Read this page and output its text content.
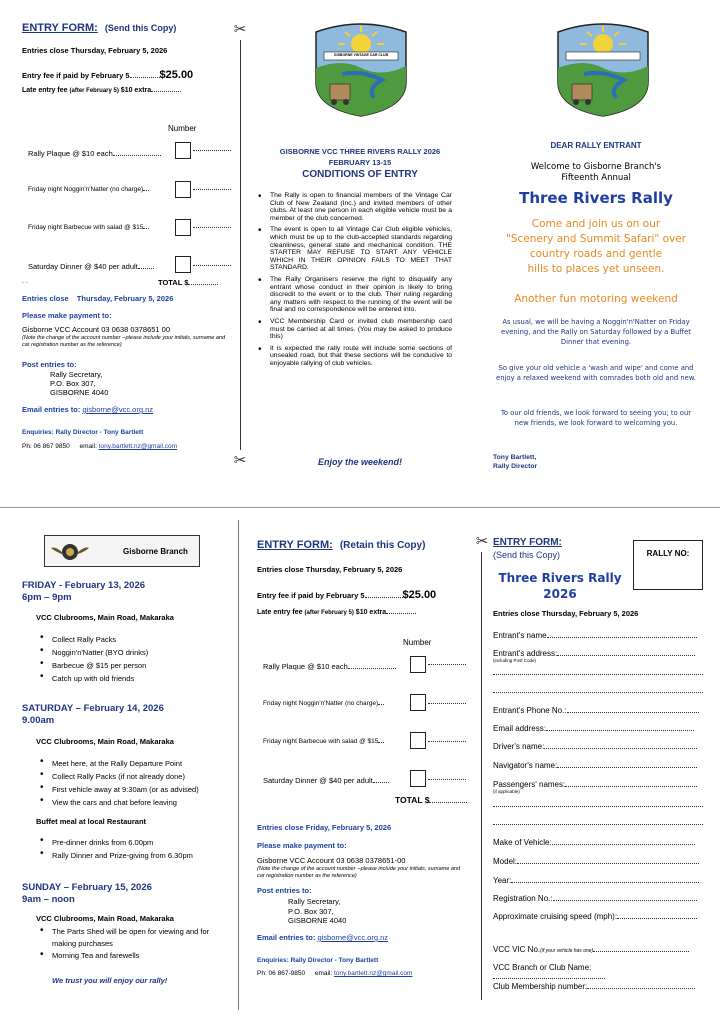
ENTRY FORM: (Send this Copy)
Entries close Thursday, February 5, 2026
Entry fee if paid by February 5	$25.00
Late entry fee (after February 5) $10 extra
Number
Rally Plaque @ $10 each
Friday night Noggin'n'Natter (no charge)
Friday night Barbecue with salad @ $15
Saturday Dinner @ $40 per adult
. .	TOTAL $
Entries close Thursday, February 5, 2026
Please make payment to:
Gisborne VCC Account 03 0638 0378651 00
(Note the change of the account number --please include your initials, surname and car registration number as the reference)
Post entries to:
Rally Secretary,
P.O. Box 307,
GISBORNE 4040
Email entries to: gisborne@vcc.org.nz
Enquiries: Rally Director - Tony Bartlett
Ph: 06 867 9850 email: tony.bartlett.nz@gmail.com
✂
✂
GISBORNE VINTAGE CAR CLUB
GISBORNE VCC THREE RIVERS RALLY 2026
FEBRUARY 13-15
CONDITIONS OF ENTRY
• The Rally is open to financial members of the Vintage Car Club of New Zealand (Inc.) and invited members of other clubs. At least one person in each eligible vehicle must be a member of the club concerned.
• The event is open to all Vintage Car Club eligible vehicles, which must be up to the club-accepted standards regarding cleanliness, general state and mechanical condition. THE STARTER MAY REFUSE TO START ANY VEHICLE WHICH IN THEIR OPINION FAILS TO MEET THAT STANDARD.
• The Rally Organisers reserve the right to disqualify any entrant whose conduct in their opinion is likely to bring discredit to the event or to the club. Their ruling regarding any matters with respect to the running of the event will be final and no correspondence will be entered into.
• VCC Membership Card or invited club membership card must be carried at all times. (You may be asked to produce this)
• It is expected the rally route will include some sections of unsealed road, but that these sections will be conducive to enjoyable rallying of club vehicles.
Enjoy the weekend!
DEAR RALLY ENTRANT
Welcome to Gisborne Branch's
Fifteenth Annual
Three Rivers Rally
Come and join us on our
"Scenery and Summit Safari" over
country roads and gentle
hills to places yet unseen.
Another fun motoring weekend
As usual, we will be having a Noggin'n'Natter on Friday evening, and the Rally on Saturday followed by a Buffet Dinner that evening.
So give your old vehicle a 'wash and wipe' and come and enjoy a relaxed weekend with comrades both old and new.
To our old friends, we look forward to seeing you; to our new friends, we look forward to welcoming you.
Tony Bartlett,
Rally Director
Gisborne Branch
FRIDAY - February 13, 2026
6pm – 9pm
VCC Clubrooms, Main Road, Makaraka
• Collect Rally Packs
• Noggin'n'Natter (BYO drinks)
• Barbecue @ $15 per person
• Catch up with old friends
SATURDAY – February 14, 2026
9.00am
VCC Clubrooms, Main Road, Makaraka
• Meet here, at the Rally Departure Point
• Collect Rally Packs (if not already done)
• First vehicle away at 9:30am (or as advised)
• View the cars and chat before leaving
Buffet meal at local Restaurant
• Pre-dinner drinks from 6.00pm
• Rally Dinner and Prize-giving from 6.30pm
SUNDAY – February 15, 2026
9am – noon
VCC Clubrooms, Main Road, Makaraka
• The Parts Shed will be open for viewing and for making purchases
• Morning Tea and farewells
We trust you will enjoy our rally!
ENTRY FORM: (Retain this Copy)
Entries close Thursday, February 5, 2026
Entry fee if paid by February 5	$25.00
Late entry fee (after February 5) $10 extra
Number
Rally Plaque @ $10 each
Friday night Noggin'n'Natter (no charge)
Friday night Barbecue with salad @ $15
Saturday Dinner @ $40 per adult
TOTAL $
Entries close Friday, February 5, 2026
Please make payment to:
Gisborne VCC Account 03 0638 0378651-00
(Note the change of the account number --please include your initials, surname and car registration number as the reference)
Post entries to:
Rally Secretary,
P.O. Box 307,
GISBORNE 4040
Email entries to: gisborne@vcc.org.nz
Enquiries: Rally Director - Tony Bartlett
Ph: 06 867-9850 email: tony.bartlett.nz@gmail.com
✂ ENTRY FORM:
(Send this Copy)
Three Rivers Rally
2026
RALLY NO:
Entries close Thursday, February 5, 2026
Entrant's name
Entrant's address:
(including Post Code)
Entrant's Phone No.:
Email address:
Driver's name:
Navigator's name:
Passengers' names:
(if applicable)
Make of Vehicle:
Model:
Year:
Registration No.:
Approximate cruising speed (mph):
VCC VIC No.(if your vehicle has one)
VCC Branch or Club Name:
Club Membership number:
